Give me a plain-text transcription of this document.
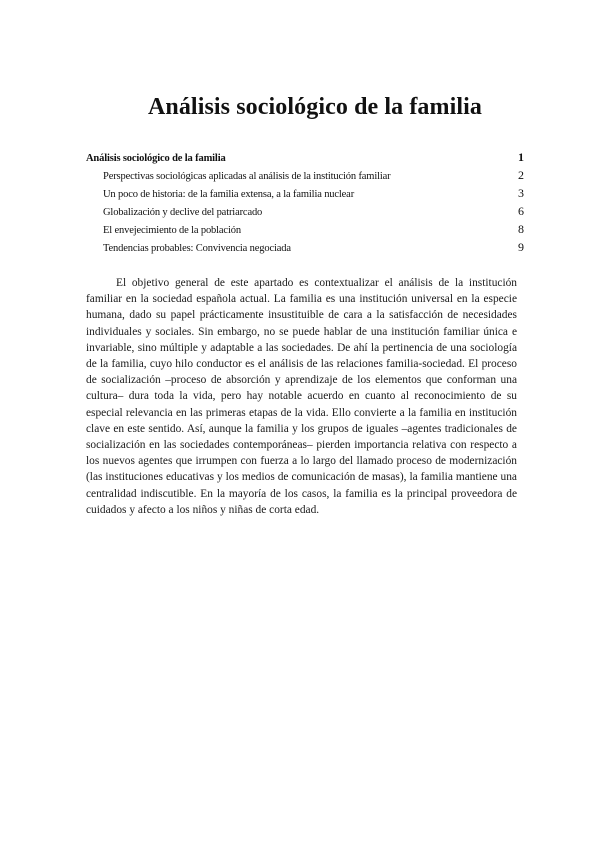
Análisis sociológico de la familia
Análisis sociológico de la familia	1
Perspectivas sociológicas aplicadas al análisis de la institución familiar	2
Un poco de historia: de la familia extensa, a la familia nuclear	3
Globalización y declive del patriarcado	6
El envejecimiento de la población	8
Tendencias probables: Convivencia negociada	9

El objetivo general de este apartado es contextualizar el análisis de la institución familiar en la sociedad española actual. La familia es una institución universal en la especie humana, dado su papel prácticamente insustituible de cara a la satisfacción de necesidades individuales y sociales. Sin embargo, no se puede hablar de una institución familiar única e invariable, sino múltiple y adaptable a las sociedades. De ahí la pertinencia de una sociología de la familia, cuyo hilo conductor es el análisis de las relaciones familia-sociedad. El proceso de socialización –proceso de absorción y aprendizaje de los elementos que conforman una cultura– dura toda la vida, pero hay notable acuerdo en cuanto al reconocimiento de su especial relevancia en las primeras etapas de la vida. Ello convierte a la familia en institución clave en este sentido. Así, aunque la familia y los grupos de iguales –agentes tradicionales de socialización en las sociedades contemporáneas– pierden importancia relativa con respecto a los nuevos agentes que irrumpen con fuerza a lo largo del llamado proceso de modernización (las instituciones educativas y los medios de comunicación de masas), la familia mantiene una centralidad indiscutible. En la mayoría de los casos, la familia es la principal proveedora de cuidados y afecto a los niños y niñas de corta edad.
